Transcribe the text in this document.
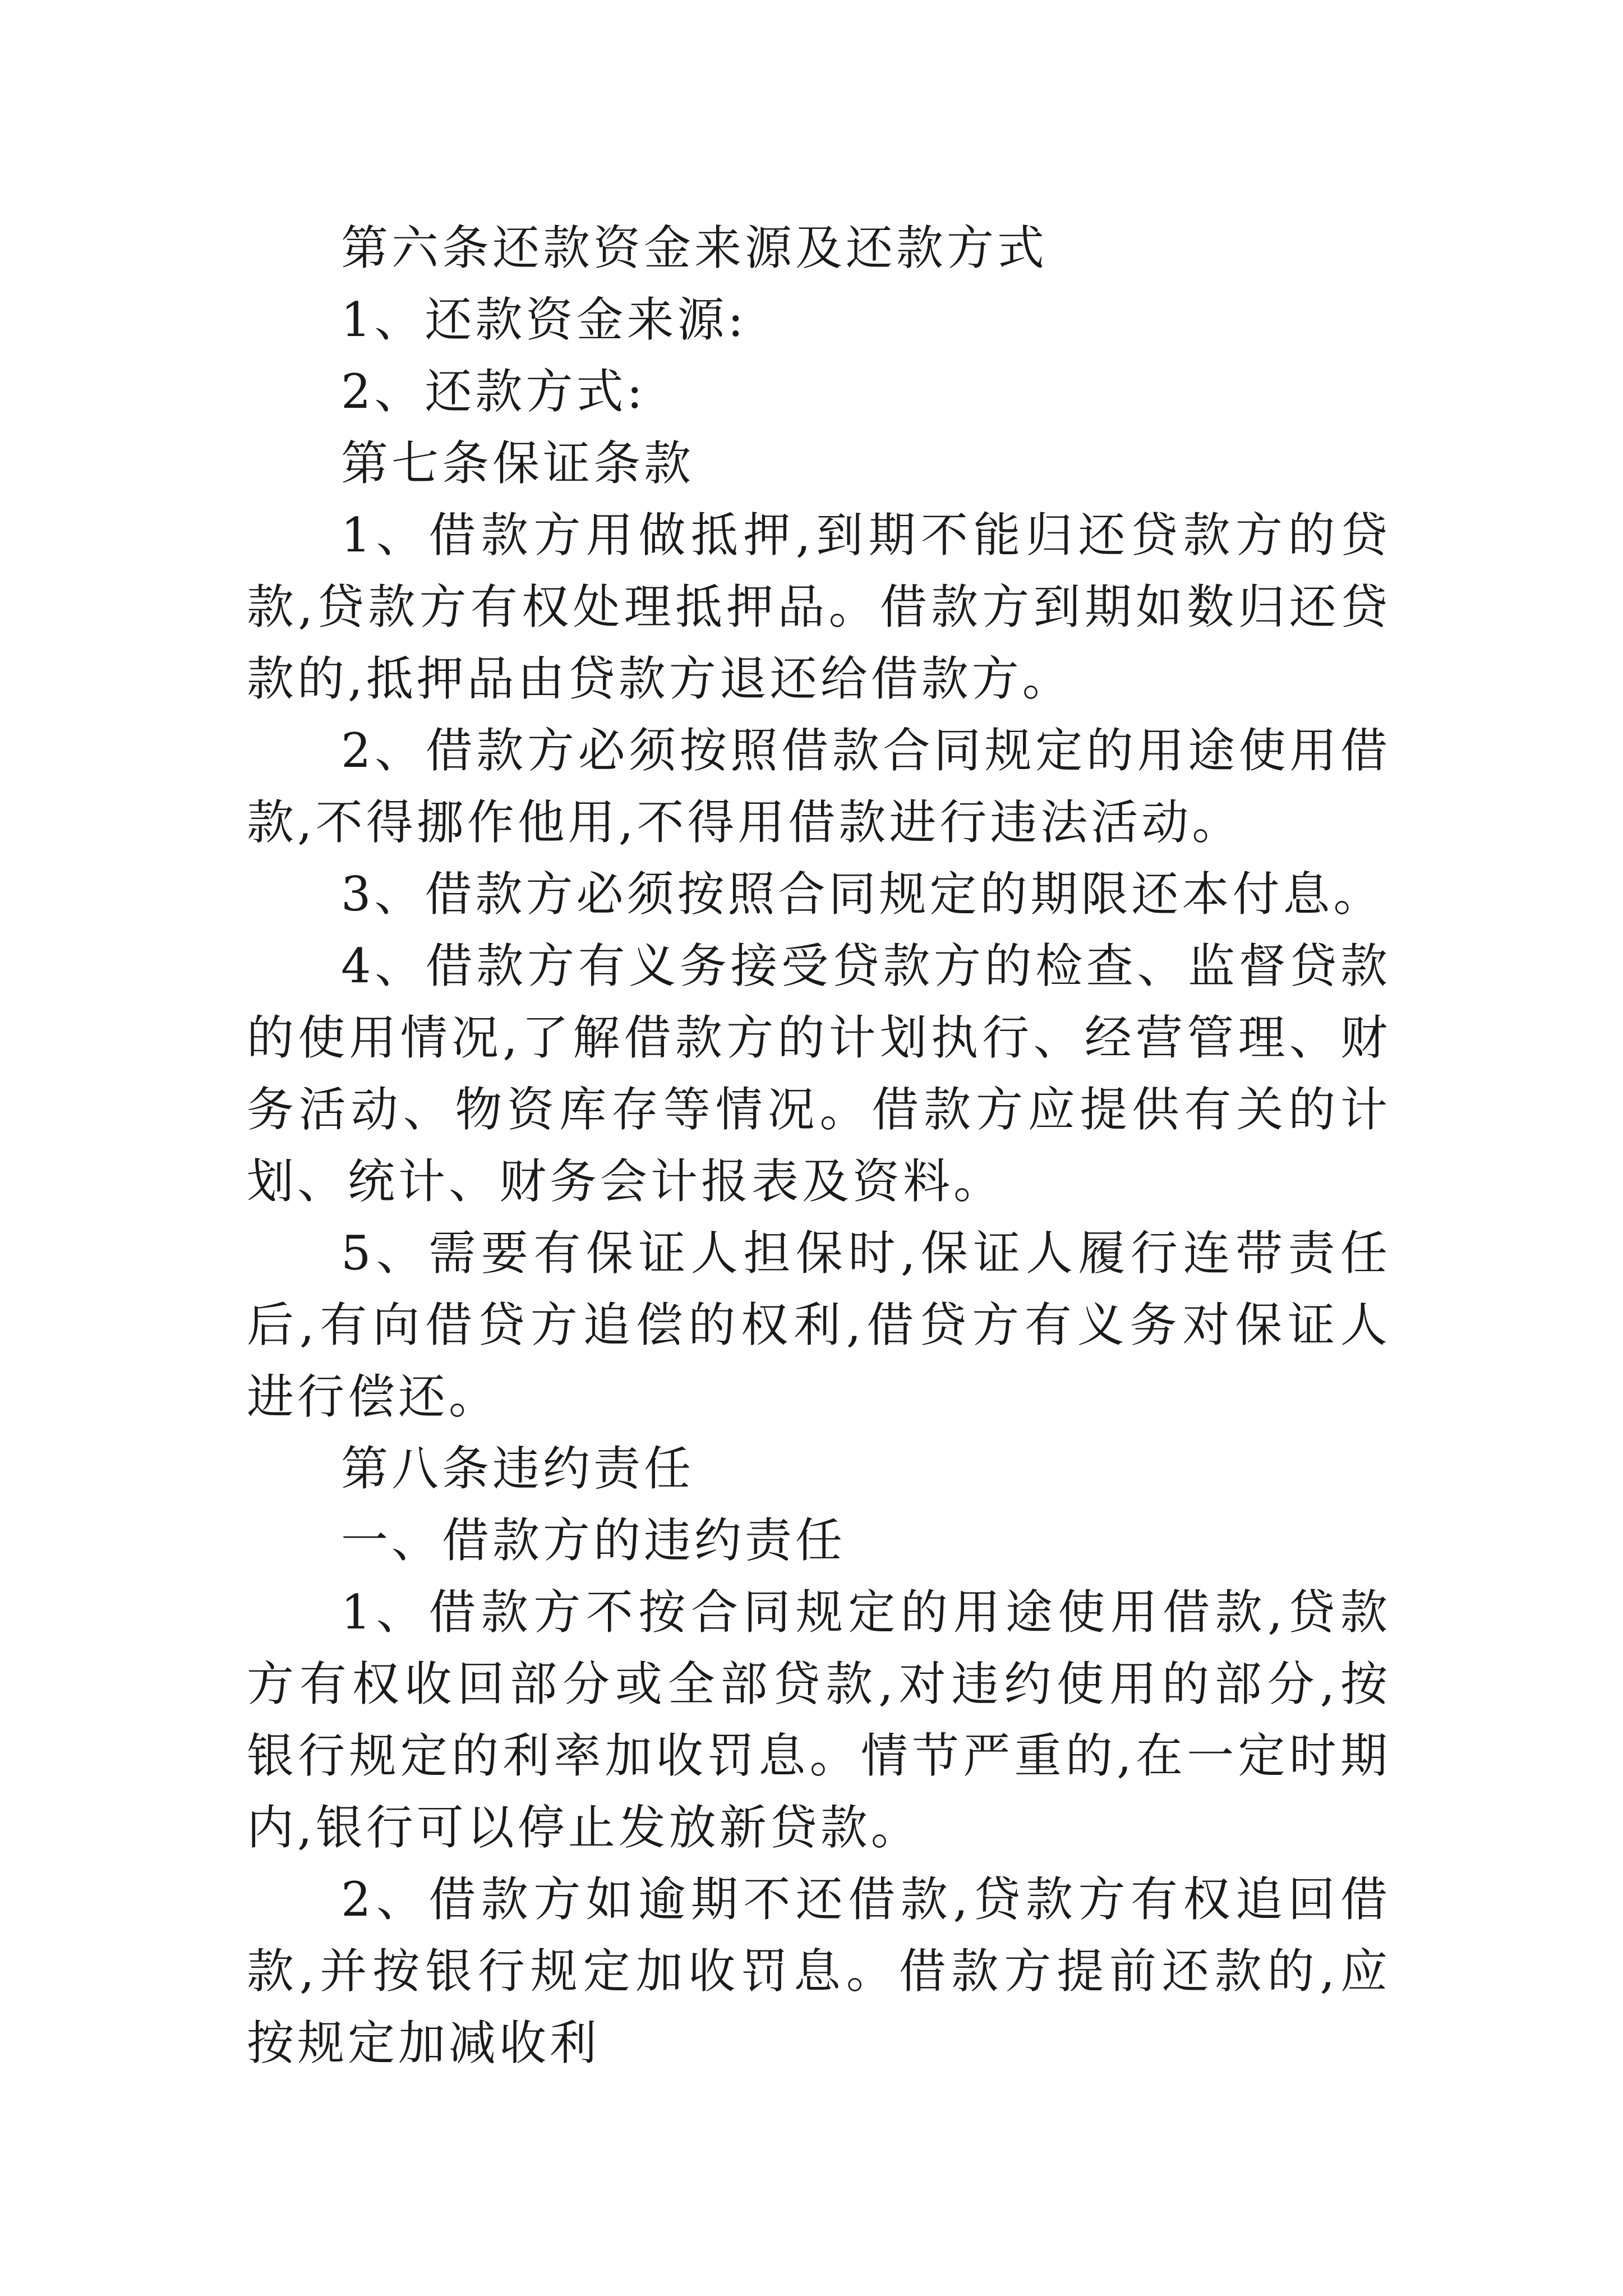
第六条还款资金来源及还款方式

1、还款资金来源:

2、还款方式:

第七条保证条款

1、借款方用做抵押,到期不能归还贷款方的贷款,贷款方有权处理抵押品。借款方到期如数归还贷款的,抵押品由贷款方退还给借款方。

2、借款方必须按照借款合同规定的用途使用借款,不得挪作他用,不得用借款进行违法活动。

3、借款方必须按照合同规定的期限还本付息。

4、借款方有义务接受贷款方的检查、监督贷款的使用情况,了解借款方的计划执行、经营管理、财务活动、物资库存等情况。借款方应提供有关的计划、统计、财务会计报表及资料。

5、需要有保证人担保时,保证人履行连带责任后,有向借贷方追偿的权利,借贷方有义务对保证人进行偿还。

第八条违约责任

一、借款方的违约责任

1、借款方不按合同规定的用途使用借款,贷款方有权收回部分或全部贷款,对违约使用的部分,按银行规定的利率加收罚息。情节严重的,在一定时期内,银行可以停止发放新贷款。

2、借款方如逾期不还借款,贷款方有权追回借款,并按银行规定加收罚息。借款方提前还款的,应按规定加减收利
